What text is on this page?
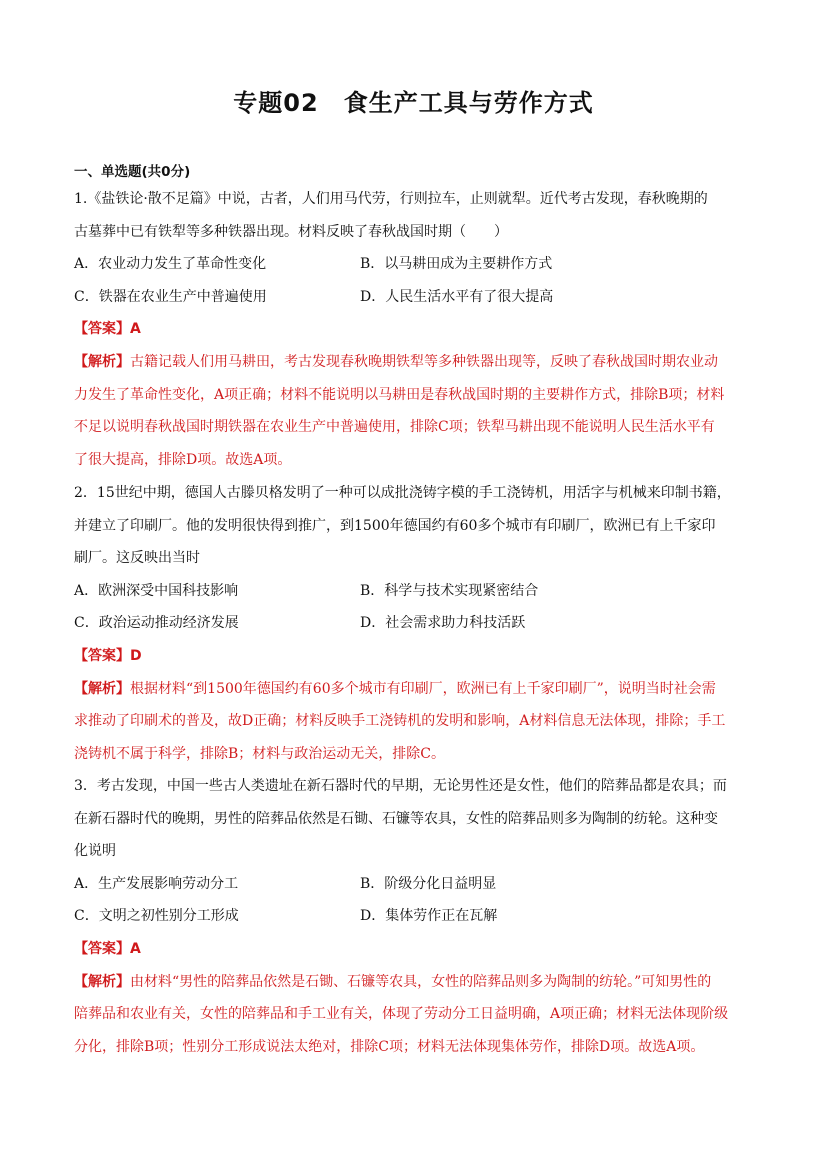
专题02　食生产工具与劳作方式
一、单选题(共0分)
1.《盐铁论·散不足篇》中说，古者，人们用马代劳，行则拉车，止则就犁。近代考古发现，春秋晚期的
古墓葬中已有铁犁等多种铁器出现。材料反映了春秋战国时期（　　）
A．农业动力发生了革命性变化	B．以马耕田成为主要耕作方式
C．铁器在农业生产中普遍使用	D．人民生活水平有了很大提高
【答案】A
【解析】古籍记载人们用马耕田，考古发现春秋晚期铁犁等多种铁器出现等，反映了春秋战国时期农业动
力发生了革命性变化，A项正确；材料不能说明以马耕田是春秋战国时期的主要耕作方式，排除B项；材料
不足以说明春秋战国时期铁器在农业生产中普遍使用，排除C项；铁犁马耕出现不能说明人民生活水平有
了很大提高，排除D项。故选A项。
2．15世纪中期，德国人古滕贝格发明了一种可以成批浇铸字模的手工浇铸机，用活字与机械来印制书籍，
并建立了印刷厂。他的发明很快得到推广，到1500年德国约有60多个城市有印刷厂，欧洲已有上千家印
刷厂。这反映出当时
A．欧洲深受中国科技影响	B．科学与技术实现紧密结合
C．政治运动推动经济发展	D．社会需求助力科技活跃
【答案】D
【解析】根据材料“到1500年德国约有60多个城市有印刷厂，欧洲已有上千家印刷厂”，说明当时社会需
求推动了印刷术的普及，故D正确；材料反映手工浇铸机的发明和影响，A材料信息无法体现，排除；手工
浇铸机不属于科学，排除B；材料与政治运动无关，排除C。
3．考古发现，中国一些古人类遗址在新石器时代的早期，无论男性还是女性，他们的陪葬品都是农具；而
在新石器时代的晚期，男性的陪葬品依然是石锄、石镰等农具，女性的陪葬品则多为陶制的纺轮。这种变
化说明
A．生产发展影响劳动分工	B．阶级分化日益明显
C．文明之初性别分工形成	D．集体劳作正在瓦解
【答案】A
【解析】由材料“男性的陪葬品依然是石锄、石镰等农具，女性的陪葬品则多为陶制的纺轮。”可知男性的
陪葬品和农业有关，女性的陪葬品和手工业有关，体现了劳动分工日益明确，A项正确；材料无法体现阶级
分化，排除B项；性别分工形成说法太绝对，排除C项；材料无法体现集体劳作，排除D项。故选A项。
